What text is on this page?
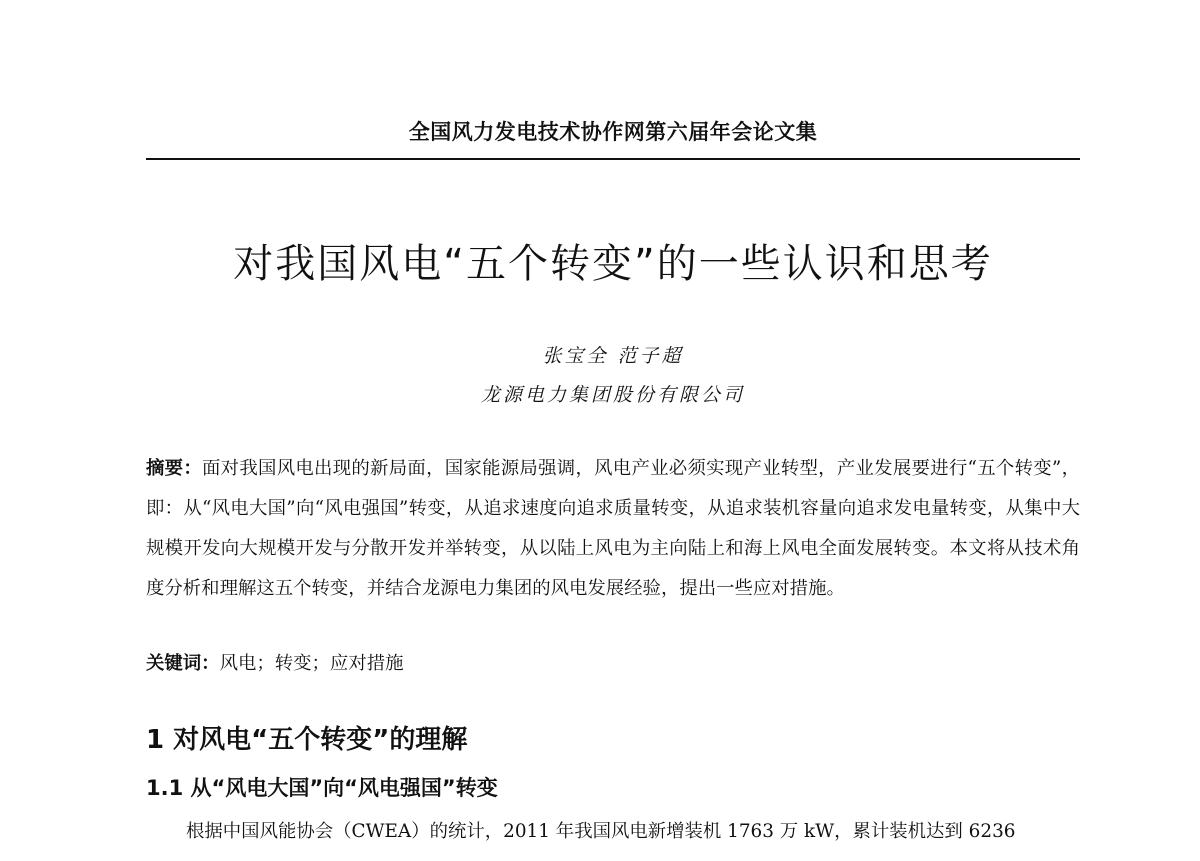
全国风力发电技术协作网第六届年会论文集
对我国风电“五个转变”的一些认识和思考
张宝全 范子超
龙源电力集团股份有限公司

摘要：面对我国风电出现的新局面，国家能源局强调，风电产业必须实现产业转型，产业发展要进行“五个转变”，即：从“风电大国”向“风电强国”转变，从追求速度向追求质量转变，从追求装机容量向追求发电量转变，从集中大规模开发向大规模开发与分散开发并举转变，从以陆上风电为主向陆上和海上风电全面发展转变。本文将从技术角度分析和理解这五个转变，并结合龙源电力集团的风电发展经验，提出一些应对措施。

关键词：风电；转变；应对措施
1 对风电“五个转变”的理解
1.1 从“风电大国”向“风电强国”转变

根据中国风能协会（CWEA）的统计，2011 年我国风电新增装机 1763 万 kW，累计装机达到 6236
